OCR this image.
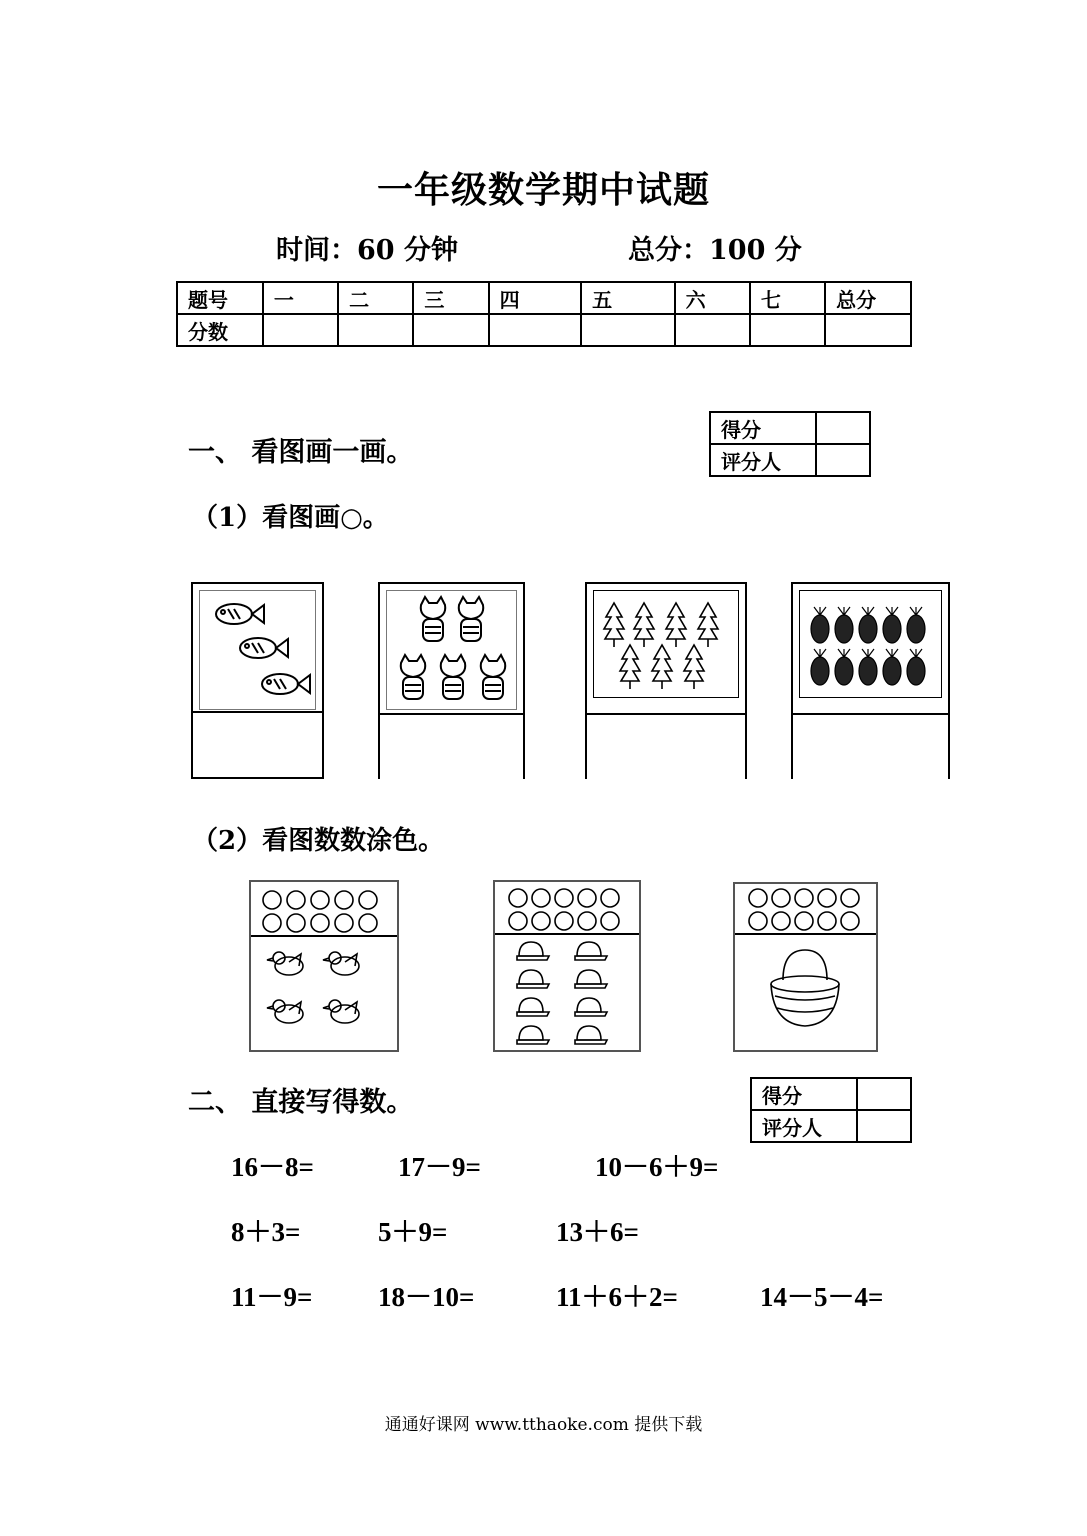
一年级数学期中试题
时间：60 分钟	总分：100 分
题号	一	二	三	四	五	六	七	总分
分数								
一、 看图画一画。
得分	
评分人	
（1）看图画○。
（2）看图数数涂色。
二、 直接写得数。	得分	
评分人	
16－8=	17－9=	10－6＋9=
8＋3=	5＋9=	13＋6=
11－9= 18－10=	11＋6＋2=	14－5－4=
通通好课网 www.tthaoke.com 提供下载
